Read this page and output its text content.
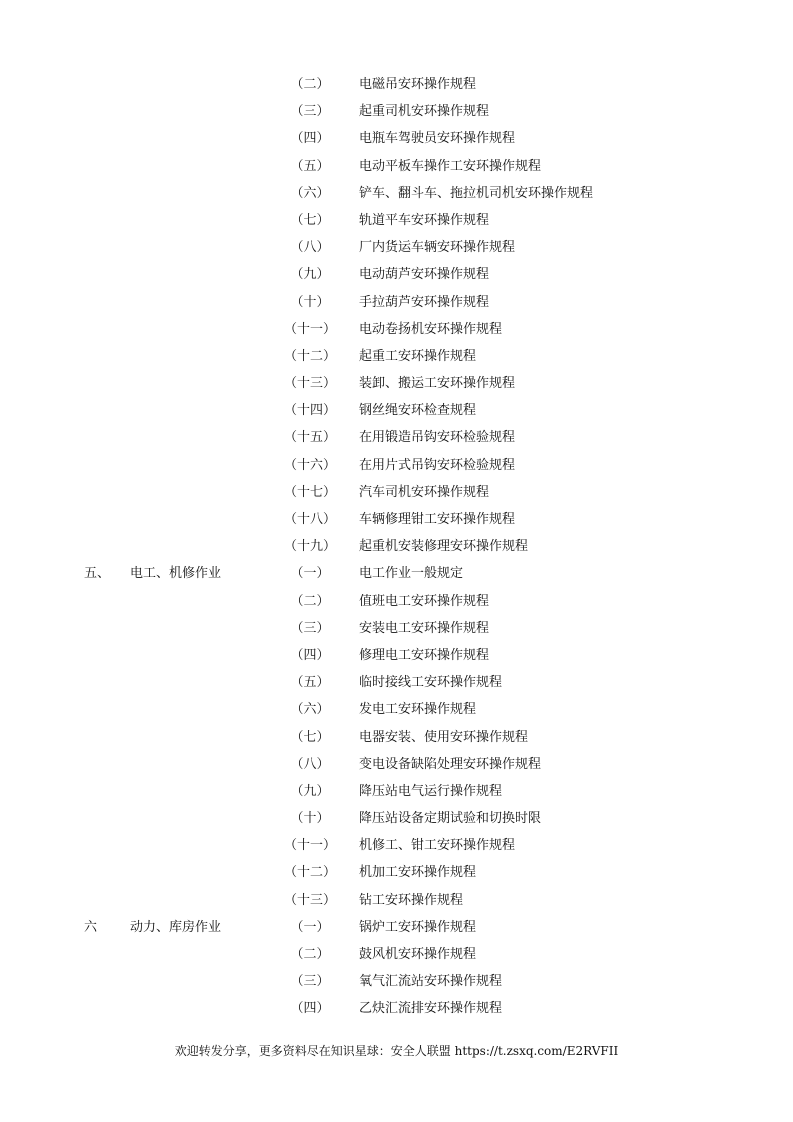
（二）	电磁吊安环操作规程
（三）	起重司机安环操作规程
（四）	电瓶车驾驶员安环操作规程
（五）	电动平板车操作工安环操作规程
（六）	铲车、翻斗车、拖拉机司机安环操作规程
（七）	轨道平车安环操作规程
（八）	厂内货运车辆安环操作规程
（九）	电动葫芦安环操作规程
（十）	手拉葫芦安环操作规程
（十一）	电动卷扬机安环操作规程
（十二）	起重工安环操作规程
（十三）	装卸、搬运工安环操作规程
（十四）	钢丝绳安环检查规程
（十五）	在用锻造吊钩安环检验规程
（十六）	在用片式吊钩安环检验规程
（十七）	汽车司机安环操作规程
（十八）	车辆修理钳工安环操作规程
（十九）	起重机安装修理安环操作规程
五、 电工、机修作业	（一）	电工作业一般规定
（二）	值班电工安环操作规程
（三）	安装电工安环操作规程
（四）	修理电工安环操作规程
（五）	临时接线工安环操作规程
（六）	发电工安环操作规程
（七）	电器安装、使用安环操作规程
（八）	变电设备缺陷处理安环操作规程
（九）	降压站电气运行操作规程
（十）	降压站设备定期试验和切换时限
（十一）	机修工、钳工安环操作规程
（十二）	机加工安环操作规程
（十三）	钻工安环操作规程
六	动力、库房作业	（一）	锅炉工安环操作规程
（二）	鼓风机安环操作规程
（三）	氧气汇流站安环操作规程
（四）	乙炔汇流排安环操作规程
欢迎转发分享，更多资料尽在知识星球：安全人联盟 https://t.zsxq.com/E2RVFII
